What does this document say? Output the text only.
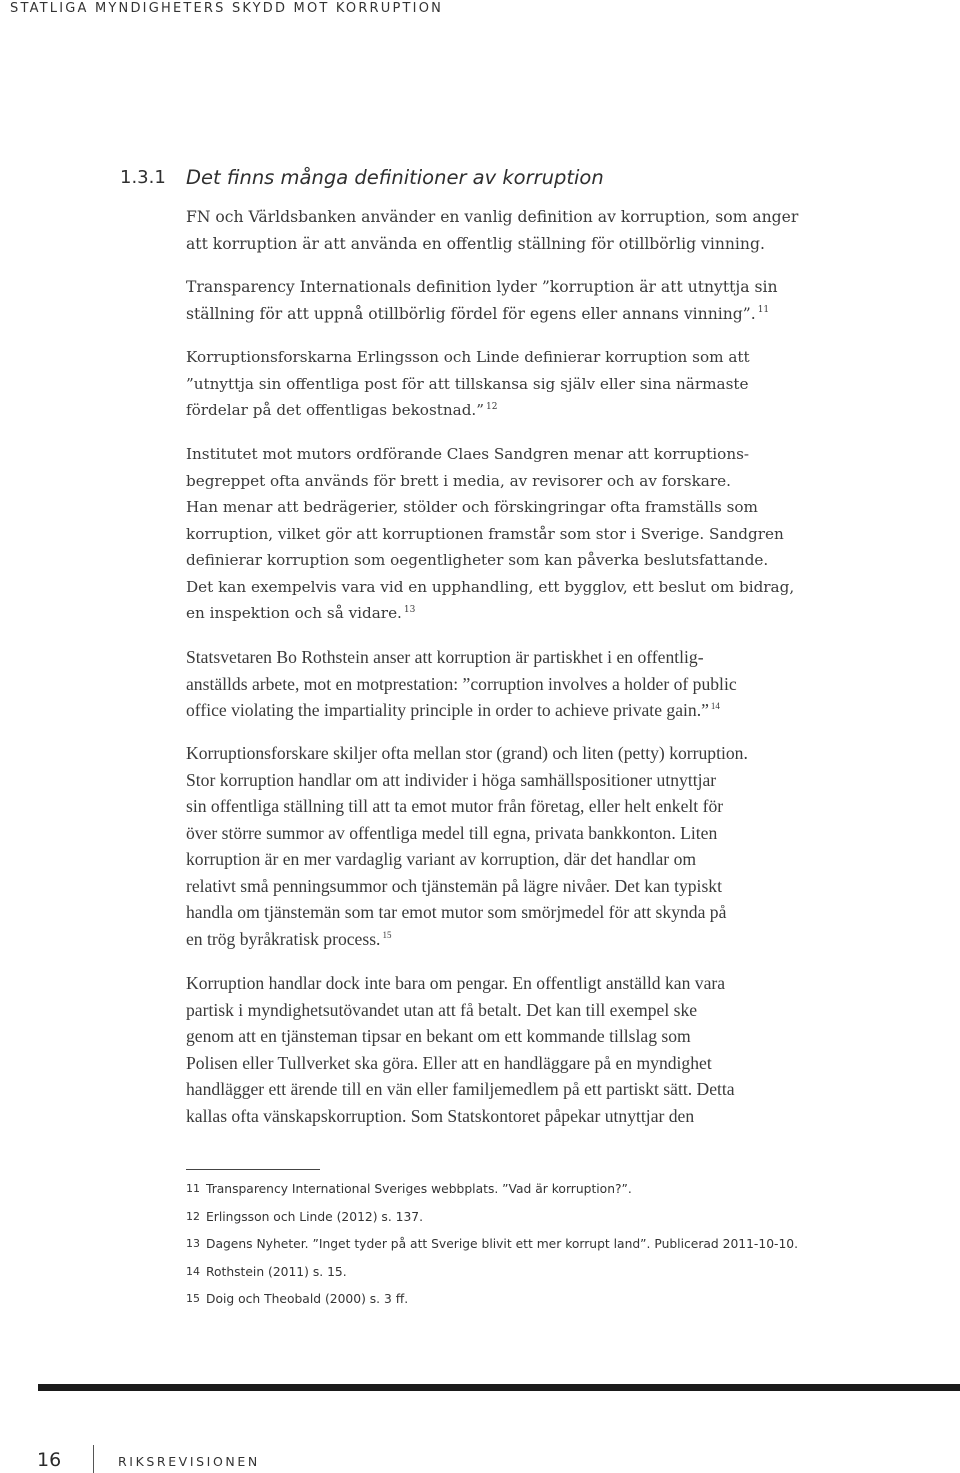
STATLIGA MYNDIGHETERS SKYDD MOT KORRUPTION
1.3.1 Det finns många definitioner av korruption

FN och Världsbanken använder en vanlig definition av korruption, som anger
att korruption är att använda en offentlig ställning för otillbörlig vinning.

Transparency Internationals definition lyder ”korruption är att utnyttja sin
ställning för att uppnå otillbörlig fördel för egens eller annans vinning”. $^{11}$

Korruptionsforskarna Erlingsson och Linde definierar korruption som att
”utnyttja sin offentliga post för att tillskansa sig själv eller sina närmaste
fördelar på det offentligas bekostnad.” $^{12}$

Institutet mot mutors ordförande Claes Sandgren menar att korruptions-
begreppet ofta används för brett i media, av revisorer och av forskare.
Han menar att bedrägerier, stölder och förskingringar ofta framställs som
korruption, vilket gör att korruptionen framstår som stor i Sverige. Sandgren
definierar korruption som oegentligheter som kan påverka beslutsfattande.
Det kan exempelvis vara vid en upphandling, ett bygglov, ett beslut om bidrag,
en inspektion och så vidare. $^{13}$

Statsvetaren Bo Rothstein anser att korruption är partiskhet i en offentlig-
anställds arbete, mot en motprestation: ”corruption involves a holder of public
office violating the impartiality principle in order to achieve private gain.” $^{14}$

Korruptionsforskare skiljer ofta mellan stor (grand) och liten (petty) korruption.
Stor korruption handlar om att individer i höga samhällspositioner utnyttjar
sin offentliga ställning till att ta emot mutor från företag, eller helt enkelt för
över större summor av offentliga medel till egna, privata bankkonton. Liten
korruption är en mer vardaglig variant av korruption, där det handlar om
relativt små penningsummor och tjänstemän på lägre nivåer. Det kan typiskt
handla om tjänstemän som tar emot mutor som smörjmedel för att skynda på
en trög byråkratisk process. $^{15}$

Korruption handlar dock inte bara om pengar. En offentligt anställd kan vara
partisk i myndighetsutövandet utan att få betalt. Det kan till exempel ske
genom att en tjänsteman tipsar en bekant om ett kommande tillslag som
Polisen eller Tullverket ska göra. Eller att en handläggare på en myndighet
handlägger ett ärende till en vän eller familjemedlem på ett partiskt sätt. Detta
kallas ofta vänskapskorruption. Som Statskontoret påpekar utnyttjar den

11 Transparency International Sveriges webbplats. ”Vad är korruption?”.
12 Erlingsson och Linde (2012) s. 137.
13 Dagens Nyheter. ”Inget tyder på att Sverige blivit ett mer korrupt land”. Publicerad 2011-10-10.
14 Rothstein (2011) s. 15.
15 Doig och Theobald (2000) s. 3 ff.
16	RIKSREVISIONEN
